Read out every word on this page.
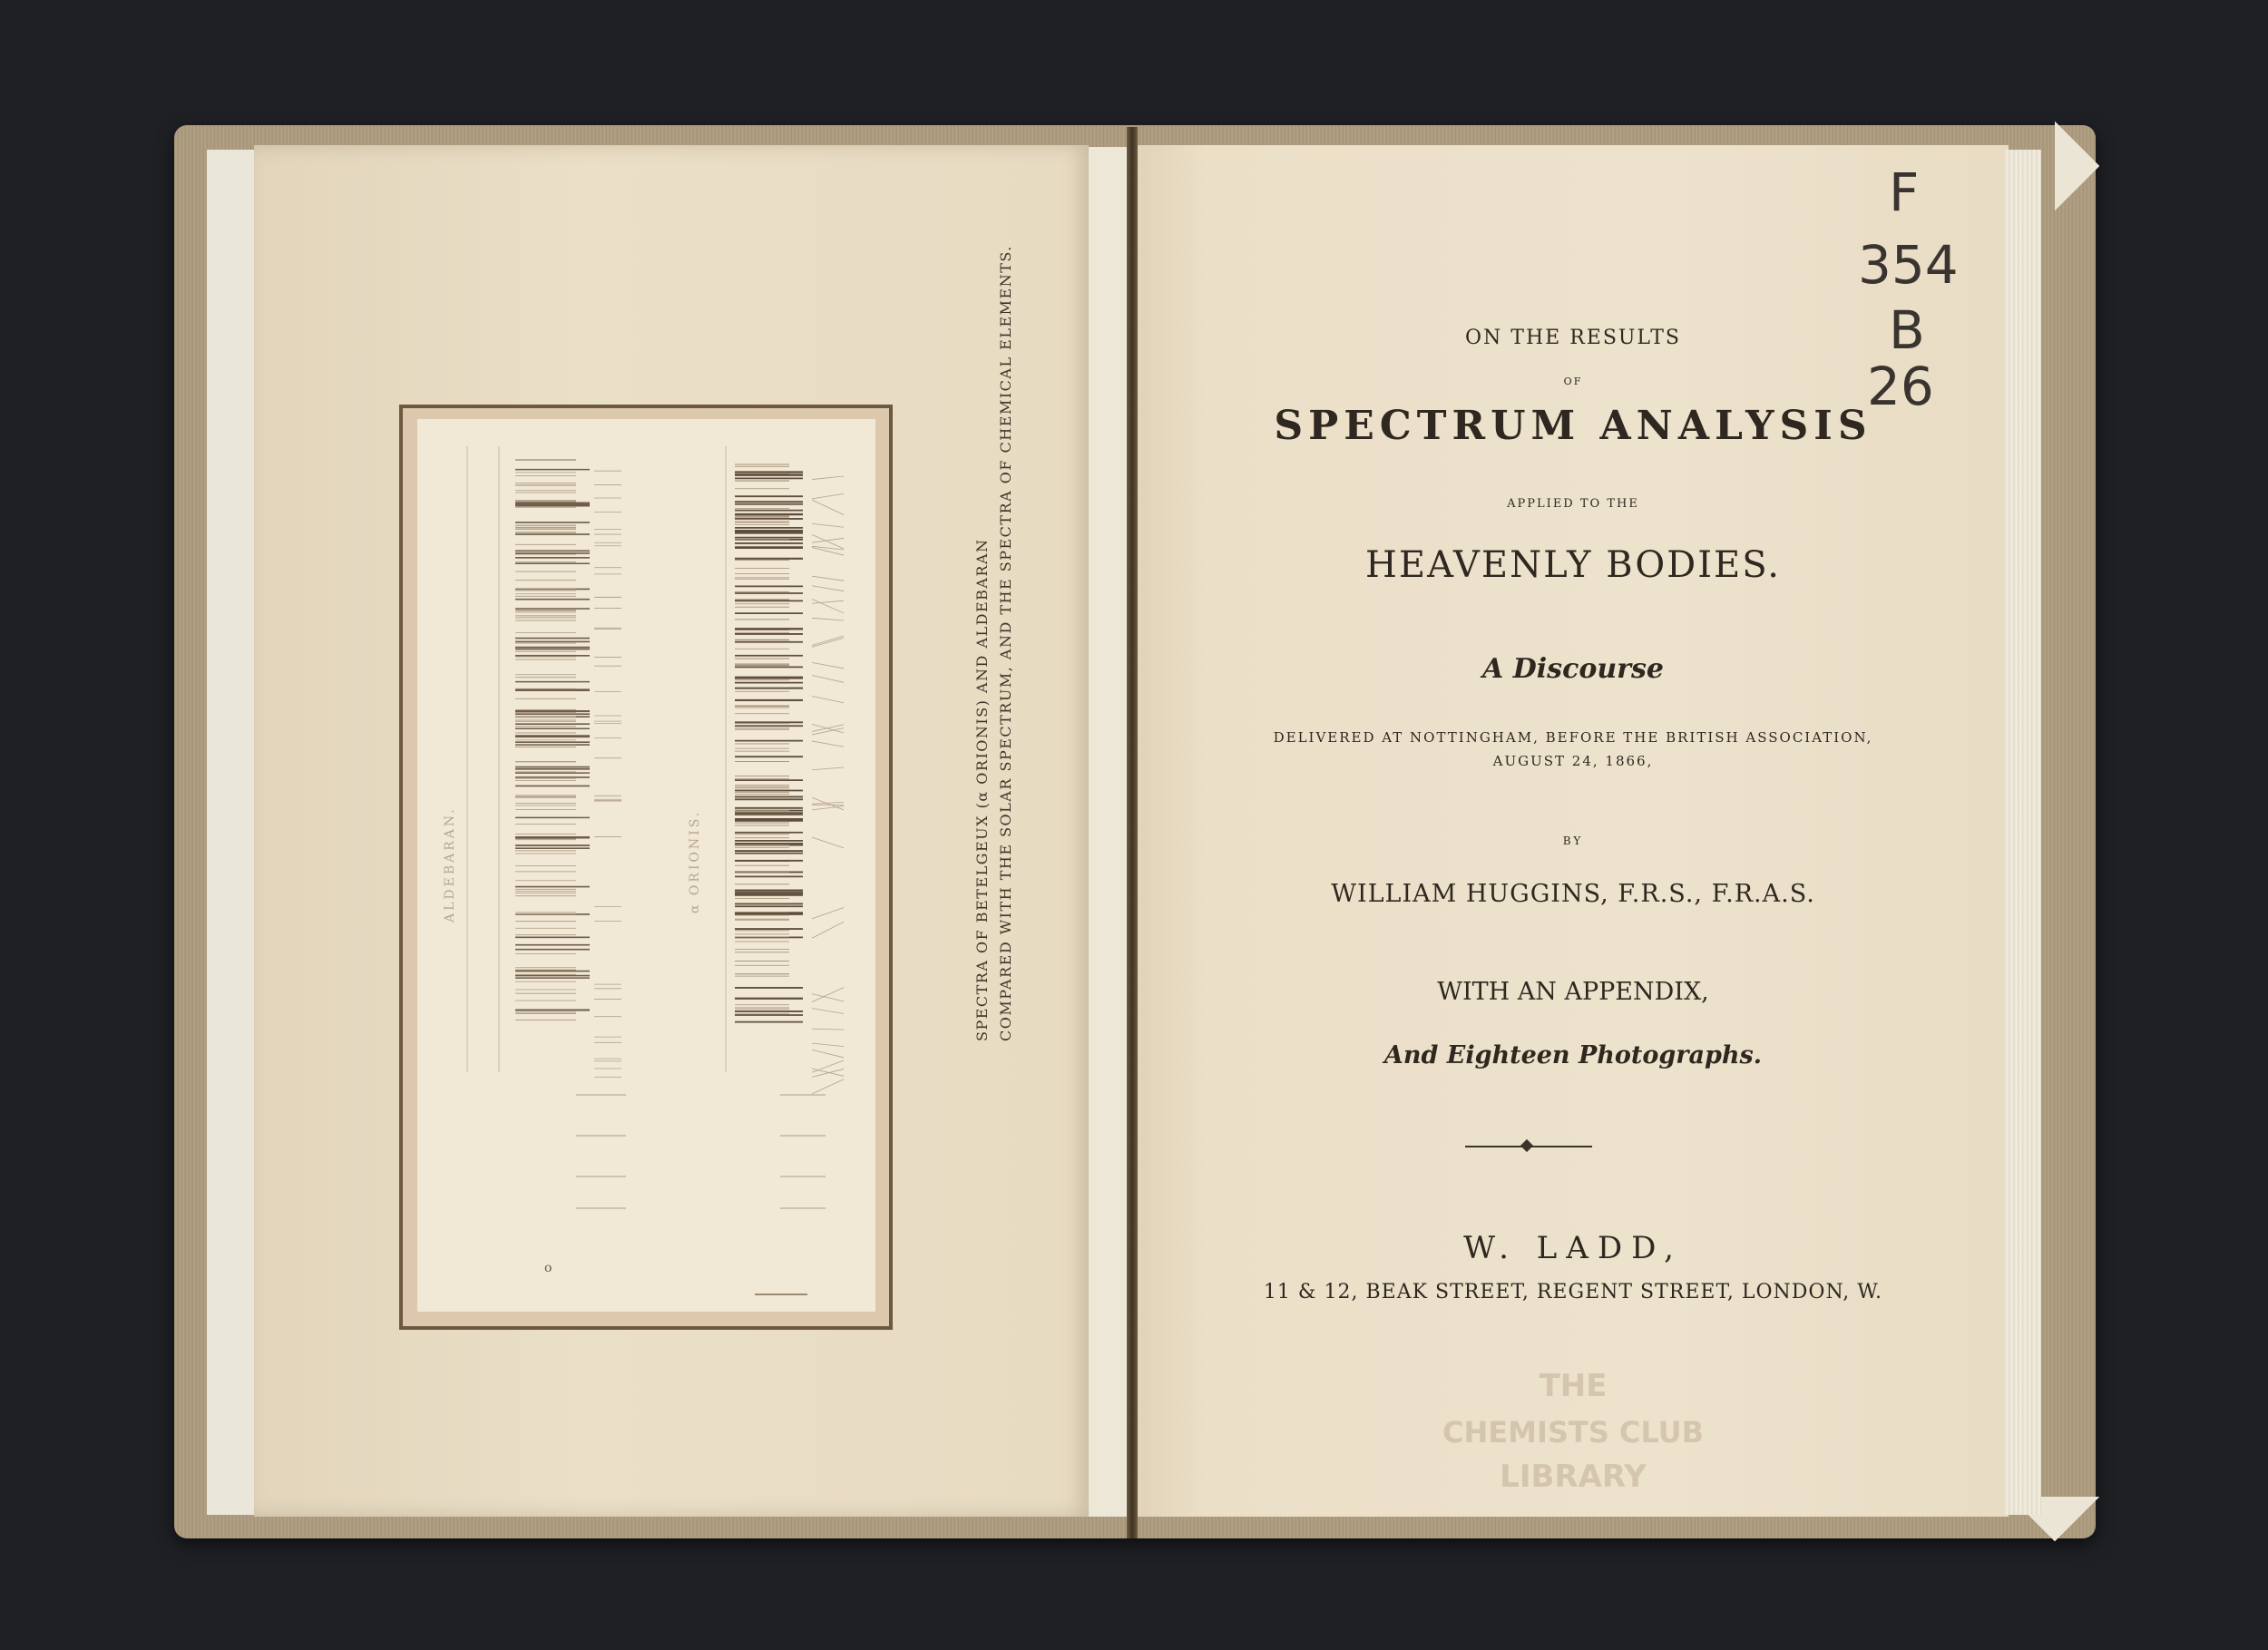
ALDEBARAN.	α ORIONIS.
o
SPECTRA OF BETELGEUX (α ORIONIS) AND ALDEBARAN COMPARED WITH THE SOLAR SPECTRUM, AND THE SPECTRA OF CHEMICAL ELEMENTS.
F
354
B
26
ON THE RESULTS
OF
SPECTRUM ANALYSIS
APPLIED TO THE
HEAVENLY BODIES.
A Discourse
DELIVERED AT NOTTINGHAM, BEFORE THE BRITISH ASSOCIATION,
AUGUST 24, 1866,
BY
WILLIAM HUGGINS, F.R.S., F.R.A.S.
WITH AN APPENDIX,
And Eighteen Photographs.
W. LADD,
11 & 12, BEAK STREET, REGENT STREET, LONDON, W.
THE
CHEMISTS CLUB
LIBRARY
